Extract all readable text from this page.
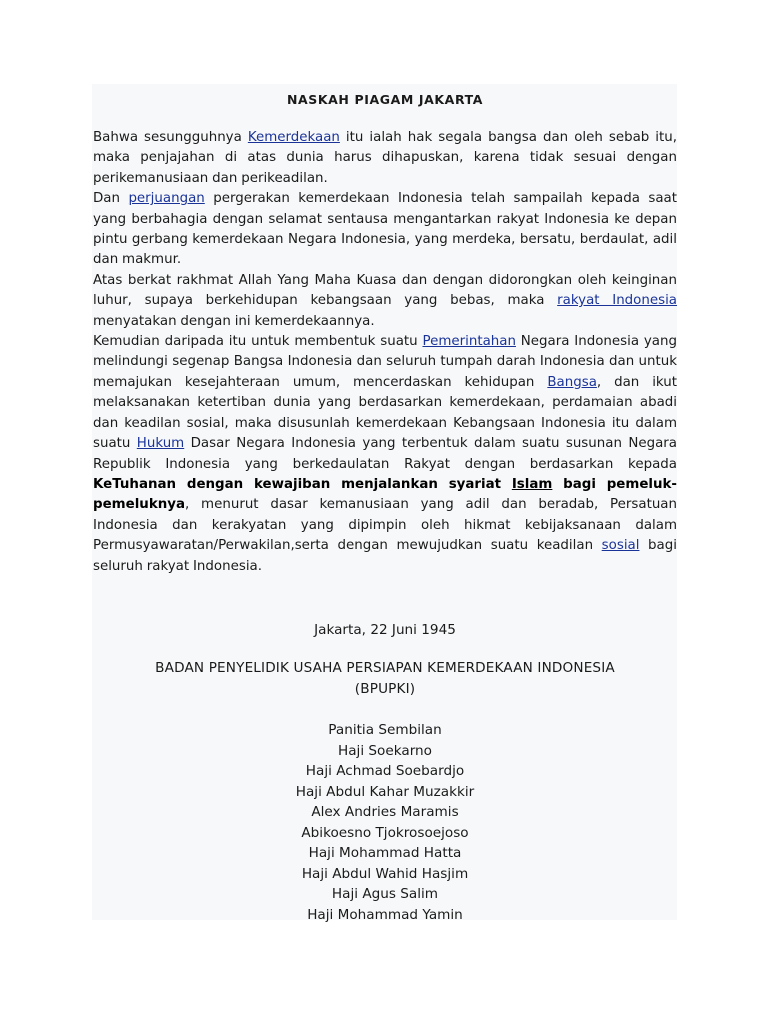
NASKAH PIAGAM JAKARTA

Bahwa sesungguhnya Kemerdekaan itu ialah hak segala bangsa dan oleh sebab itu, maka penjajahan di atas dunia harus dihapuskan, karena tidak sesuai dengan perikemanusiaan dan perikeadilan.

Dan perjuangan pergerakan kemerdekaan Indonesia telah sampailah kepada saat yang berbahagia dengan selamat sentausa mengantarkan rakyat Indonesia ke depan pintu gerbang kemerdekaan Negara Indonesia, yang merdeka, bersatu, berdaulat, adil dan makmur.

Atas berkat rakhmat Allah Yang Maha Kuasa dan dengan didorongkan oleh keinginan luhur, supaya berkehidupan kebangsaan yang bebas, maka rakyat Indonesia menyatakan dengan ini kemerdekaannya.

Kemudian daripada itu untuk membentuk suatu Pemerintahan Negara Indonesia yang melindungi segenap Bangsa Indonesia dan seluruh tumpah darah Indonesia dan untuk memajukan kesejahteraan umum, mencerdaskan kehidupan Bangsa, dan ikut melaksanakan ketertiban dunia yang berdasarkan kemerdekaan, perdamaian abadi dan keadilan sosial, maka disusunlah kemerdekaan Kebangsaan Indonesia itu dalam suatu Hukum Dasar Negara Indonesia yang terbentuk dalam suatu susunan Negara Republik Indonesia yang berkedaulatan Rakyat dengan berdasarkan kepada KeTuhanan dengan kewajiban menjalankan syariat Islam bagi pemeluk-pemeluknya, menurut dasar kemanusiaan yang adil dan beradab, Persatuan Indonesia dan kerakyatan yang dipimpin oleh hikmat kebijaksanaan dalam Permusyawaratan/Perwakilan,serta dengan mewujudkan suatu keadilan sosial bagi seluruh rakyat Indonesia.

Jakarta, 22 Juni 1945
BADAN PENYELIDIK USAHA PERSIAPAN KEMERDEKAAN INDONESIA
(BPUPKI)
Panitia Sembilan
Haji Soekarno
Haji Achmad Soebardjo
Haji Abdul Kahar Muzakkir
Alex Andries Maramis
Abikoesno Tjokrosoejoso
Haji Mohammad Hatta
Haji Abdul Wahid Hasjim
Haji Agus Salim
Haji Mohammad Yamin
